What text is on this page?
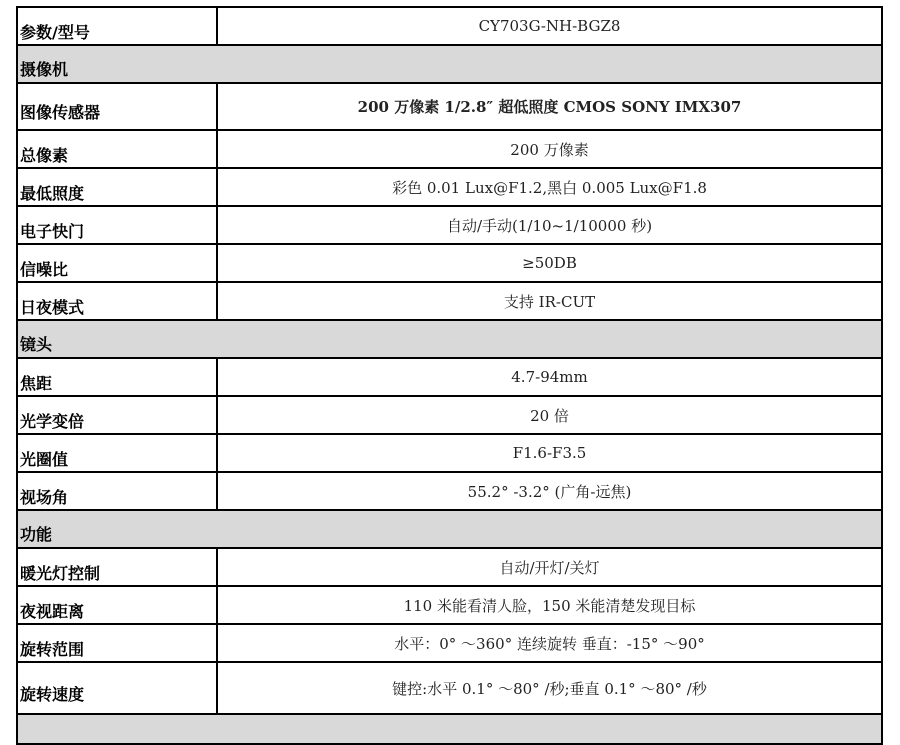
参数/型号	CY703G-NH-BGZ8
摄像机	
图像传感器	200 万像素 1/2.8″ 超低照度 CMOS SONY IMX307
总像素	200 万像素
最低照度	彩色 0.01 Lux@F1.2,黑白 0.005 Lux@F1.8
电子快门	自动/手动(1/10~1/10000 秒)
信噪比	≥50DB
日夜模式	支持 IR-CUT
镜头	
焦距	4.7-94mm
光学变倍	20 倍
光圈值	F1.6-F3.5
视场角	55.2° -3.2° (广角-远焦)
功能	
暖光灯控制	自动/开灯/关灯
夜视距离	110 米能看清人脸，150 米能清楚发现目标
旋转范围	水平：0° ～360° 连续旋转 垂直：-15° ～90°
旋转速度	键控:水平 0.1° ～80° /秒;垂直 0.1° ～80° /秒
